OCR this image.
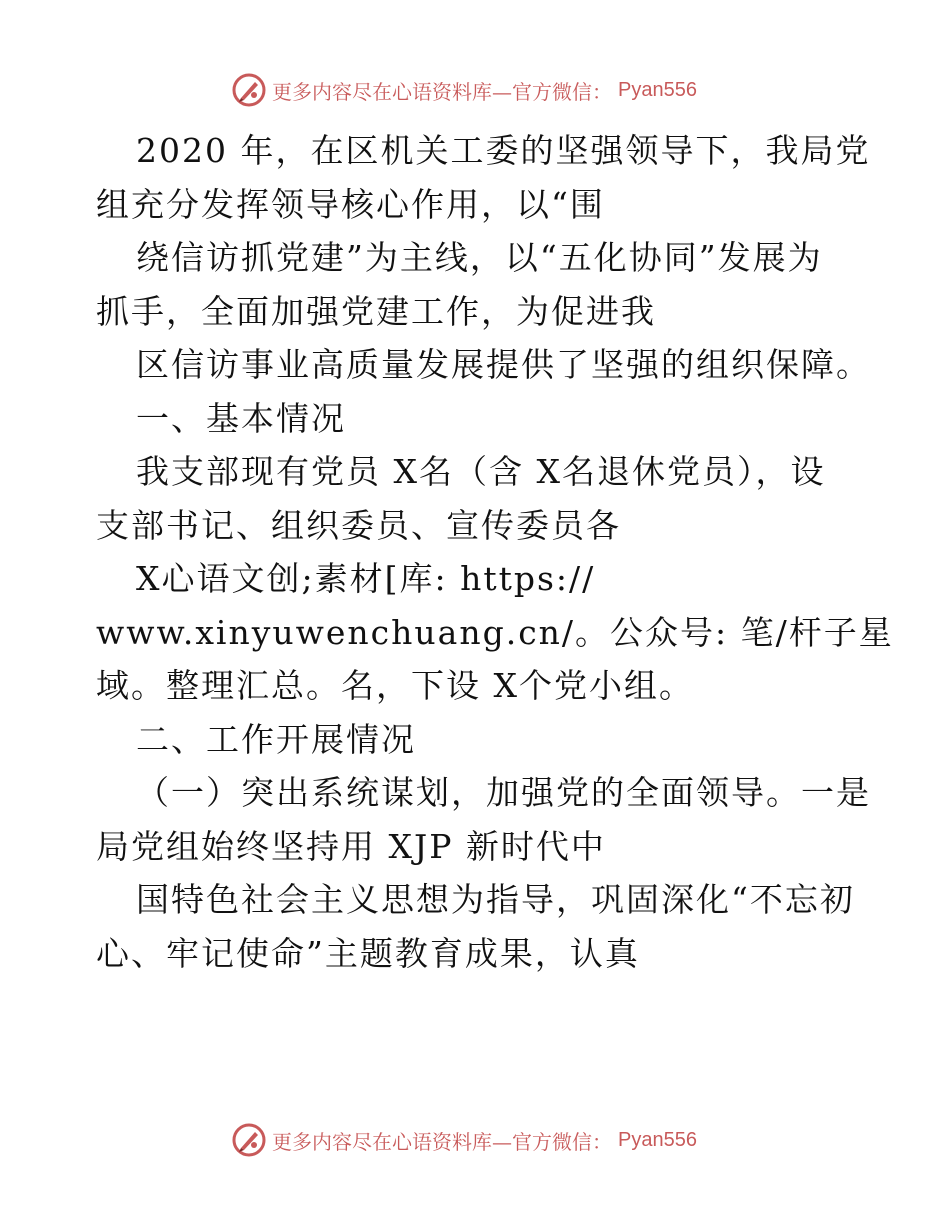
更多内容尽在心语资料库—官方微信： Pyan556
2020 年，在区机关工委的坚强领导下，我局党
组充分发挥领导核心作用，以“围
绕信访抓党建”为主线，以“五化协同”发展为
抓手，全面加强党建工作，为促进我
区信访事业高质量发展提供了坚强的组织保障。
一、基本情况
我支部现有党员 X名（含 X名退休党员），设
支部书记、组织委员、宣传委员各
X心语文创;素材[库: https://
www.xinyuwenchuang.cn/。公众号: 笔/杆子星
域。整理汇总。名，下设 X个党小组。
二、工作开展情况
（一）突出系统谋划，加强党的全面领导。一是
局党组始终坚持用 XJP 新时代中
国特色社会主义思想为指导，巩固深化“不忘初
心、牢记使命”主题教育成果，认真
更多内容尽在心语资料库—官方微信： Pyan556
